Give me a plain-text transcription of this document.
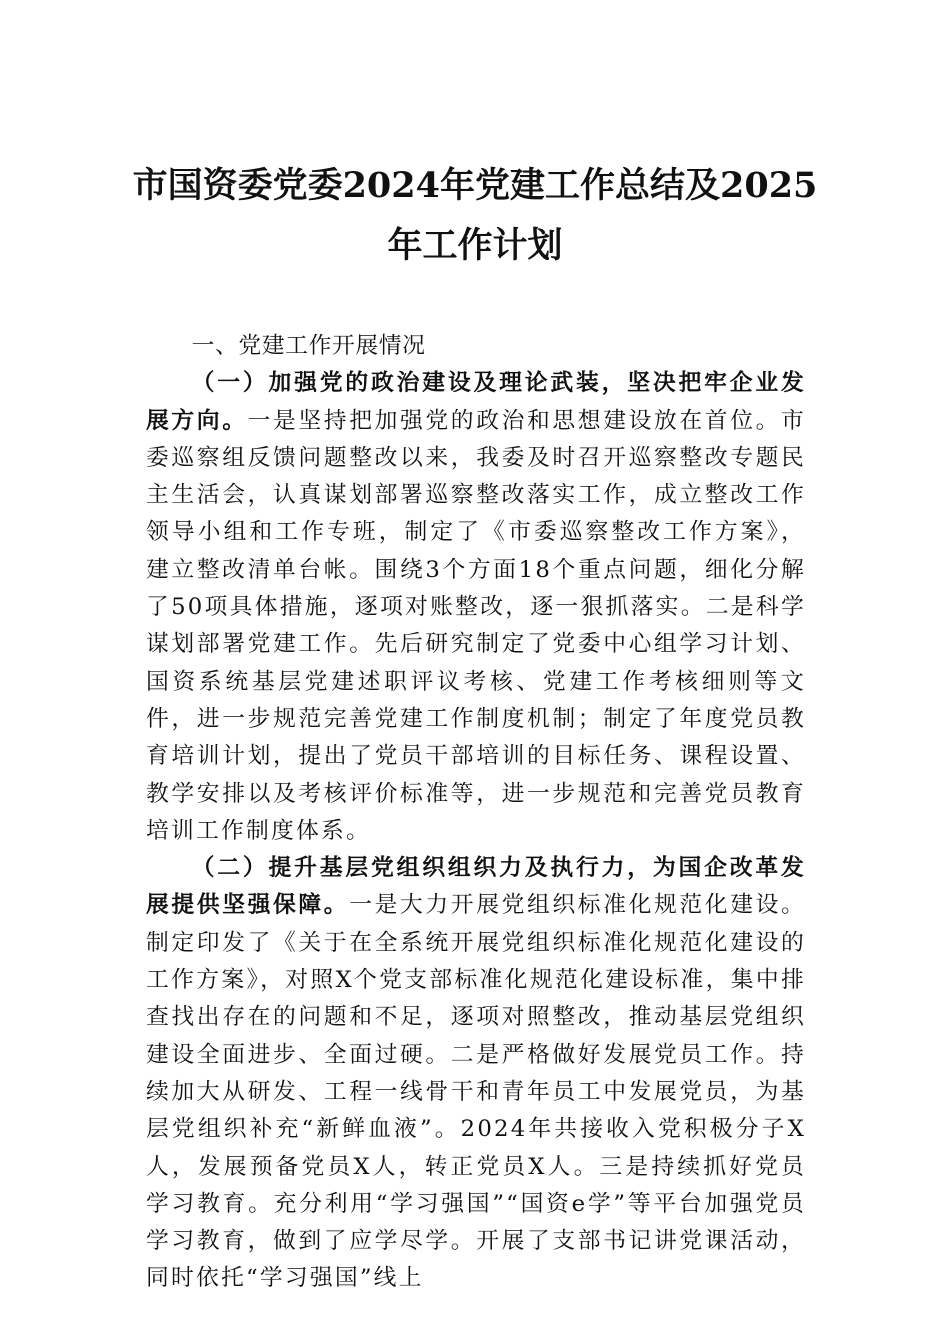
市国资委党委2024年党建工作总结及2025
年工作计划

一、党建工作开展情况

（一）加强党的政治建设及理论武装，坚决把牢企业发展方向。一是坚持把加强党的政治和思想建设放在首位。市委巡察组反馈问题整改以来，我委及时召开巡察整改专题民主生活会，认真谋划部署巡察整改落实工作，成立整改工作领导小组和工作专班，制定了《市委巡察整改工作方案》，建立整改清单台帐。围绕3个方面18个重点问题，细化分解了50项具体措施，逐项对账整改，逐一狠抓落实。二是科学谋划部署党建工作。先后研究制定了党委中心组学习计划、国资系统基层党建述职评议考核、党建工作考核细则等文件，进一步规范完善党建工作制度机制；制定了年度党员教育培训计划，提出了党员干部培训的目标任务、课程设置、教学安排以及考核评价标准等，进一步规范和完善党员教育培训工作制度体系。

（二）提升基层党组织组织力及执行力，为国企改革发展提供坚强保障。一是大力开展党组织标准化规范化建设。制定印发了《关于在全系统开展党组织标准化规范化建设的工作方案》，对照X个党支部标准化规范化建设标准，集中排查找出存在的问题和不足，逐项对照整改，推动基层党组织建设全面进步、全面过硬。二是严格做好发展党员工作。持续加大从研发、工程一线骨干和青年员工中发展党员，为基层党组织补充“新鲜血液”。2024年共接收入党积极分子X人，发展预备党员X人，转正党员X人。三是持续抓好党员学习教育。充分利用“学习强国”“国资e学”等平台加强党员学习教育，做到了应学尽学。开展了支部书记讲党课活动，同时依托“学习强国”线上
